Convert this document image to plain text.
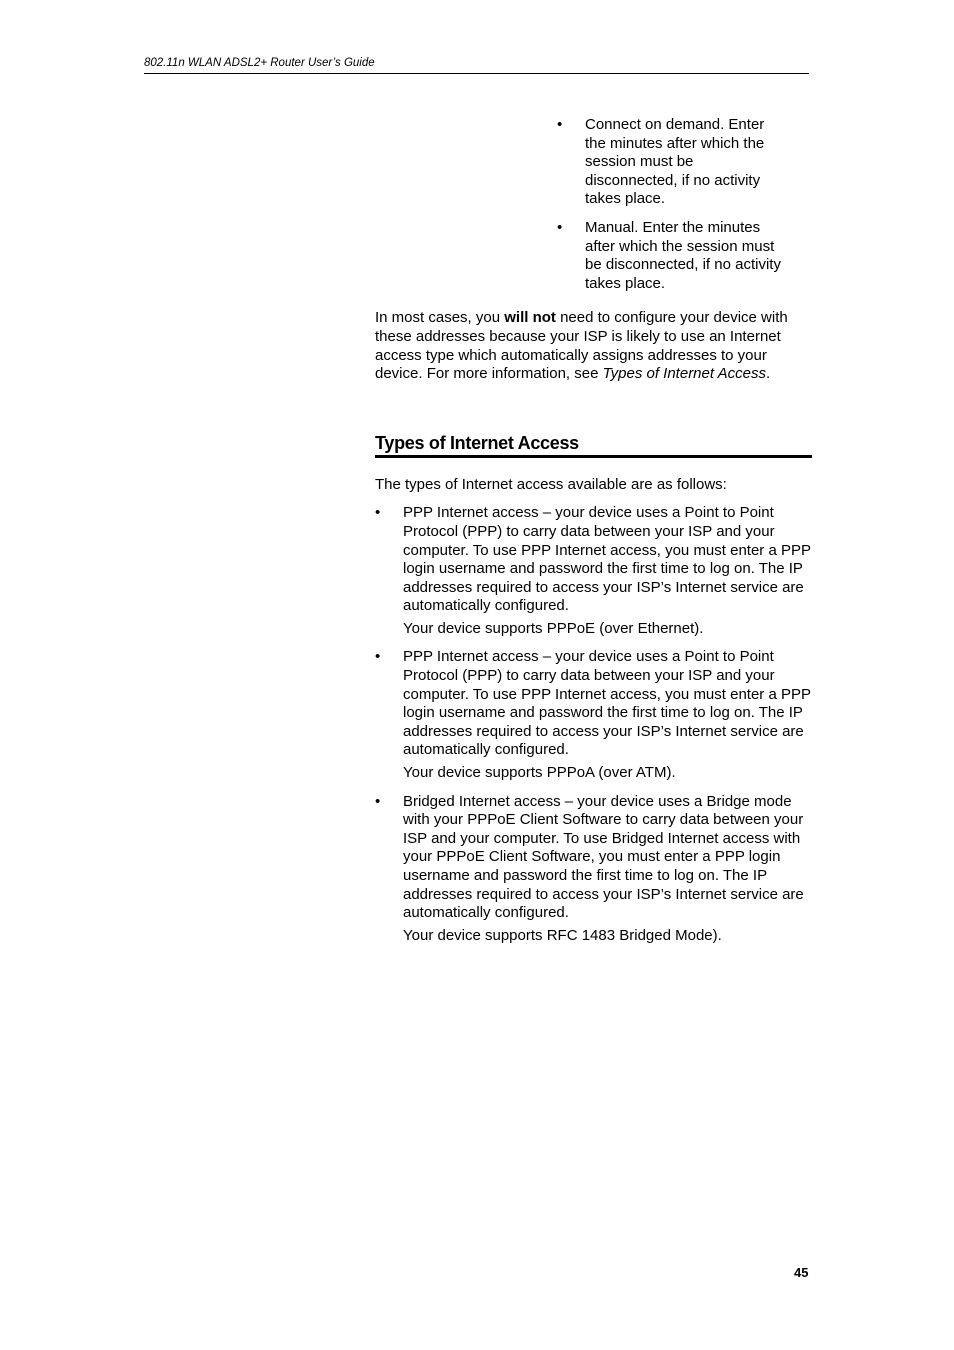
802.11n WLAN ADSL2+ Router User’s Guide
• Connect on demand. Enter the minutes after which the session must be disconnected, if no activity takes place.
• Manual. Enter the minutes after which the session must be disconnected, if no activity takes place.

In most cases, you will not need to configure your device with these addresses because your ISP is likely to use an Internet access type which automatically assigns addresses to your device. For more information, see Types of Internet Access.

Types of Internet Access

The types of Internet access available are as follows:

• PPP Internet access – your device uses a Point to Point Protocol (PPP) to carry data between your ISP and your computer. To use PPP Internet access, you must enter a PPP login username and password the first time to log on. The IP addresses required to access your ISP’s Internet service are automatically configured.

Your device supports PPPoE (over Ethernet).

• PPP Internet access – your device uses a Point to Point Protocol (PPP) to carry data between your ISP and your computer. To use PPP Internet access, you must enter a PPP login username and password the first time to log on. The IP addresses required to access your ISP’s Internet service are automatically configured.

Your device supports PPPoA (over ATM).

• Bridged Internet access – your device uses a Bridge mode with your PPPoE Client Software to carry data between your ISP and your computer. To use Bridged Internet access with your PPPoE Client Software, you must enter a PPP login username and password the first time to log on. The IP addresses required to access your ISP’s Internet service are automatically configured.

Your device supports RFC 1483 Bridged Mode).

45
